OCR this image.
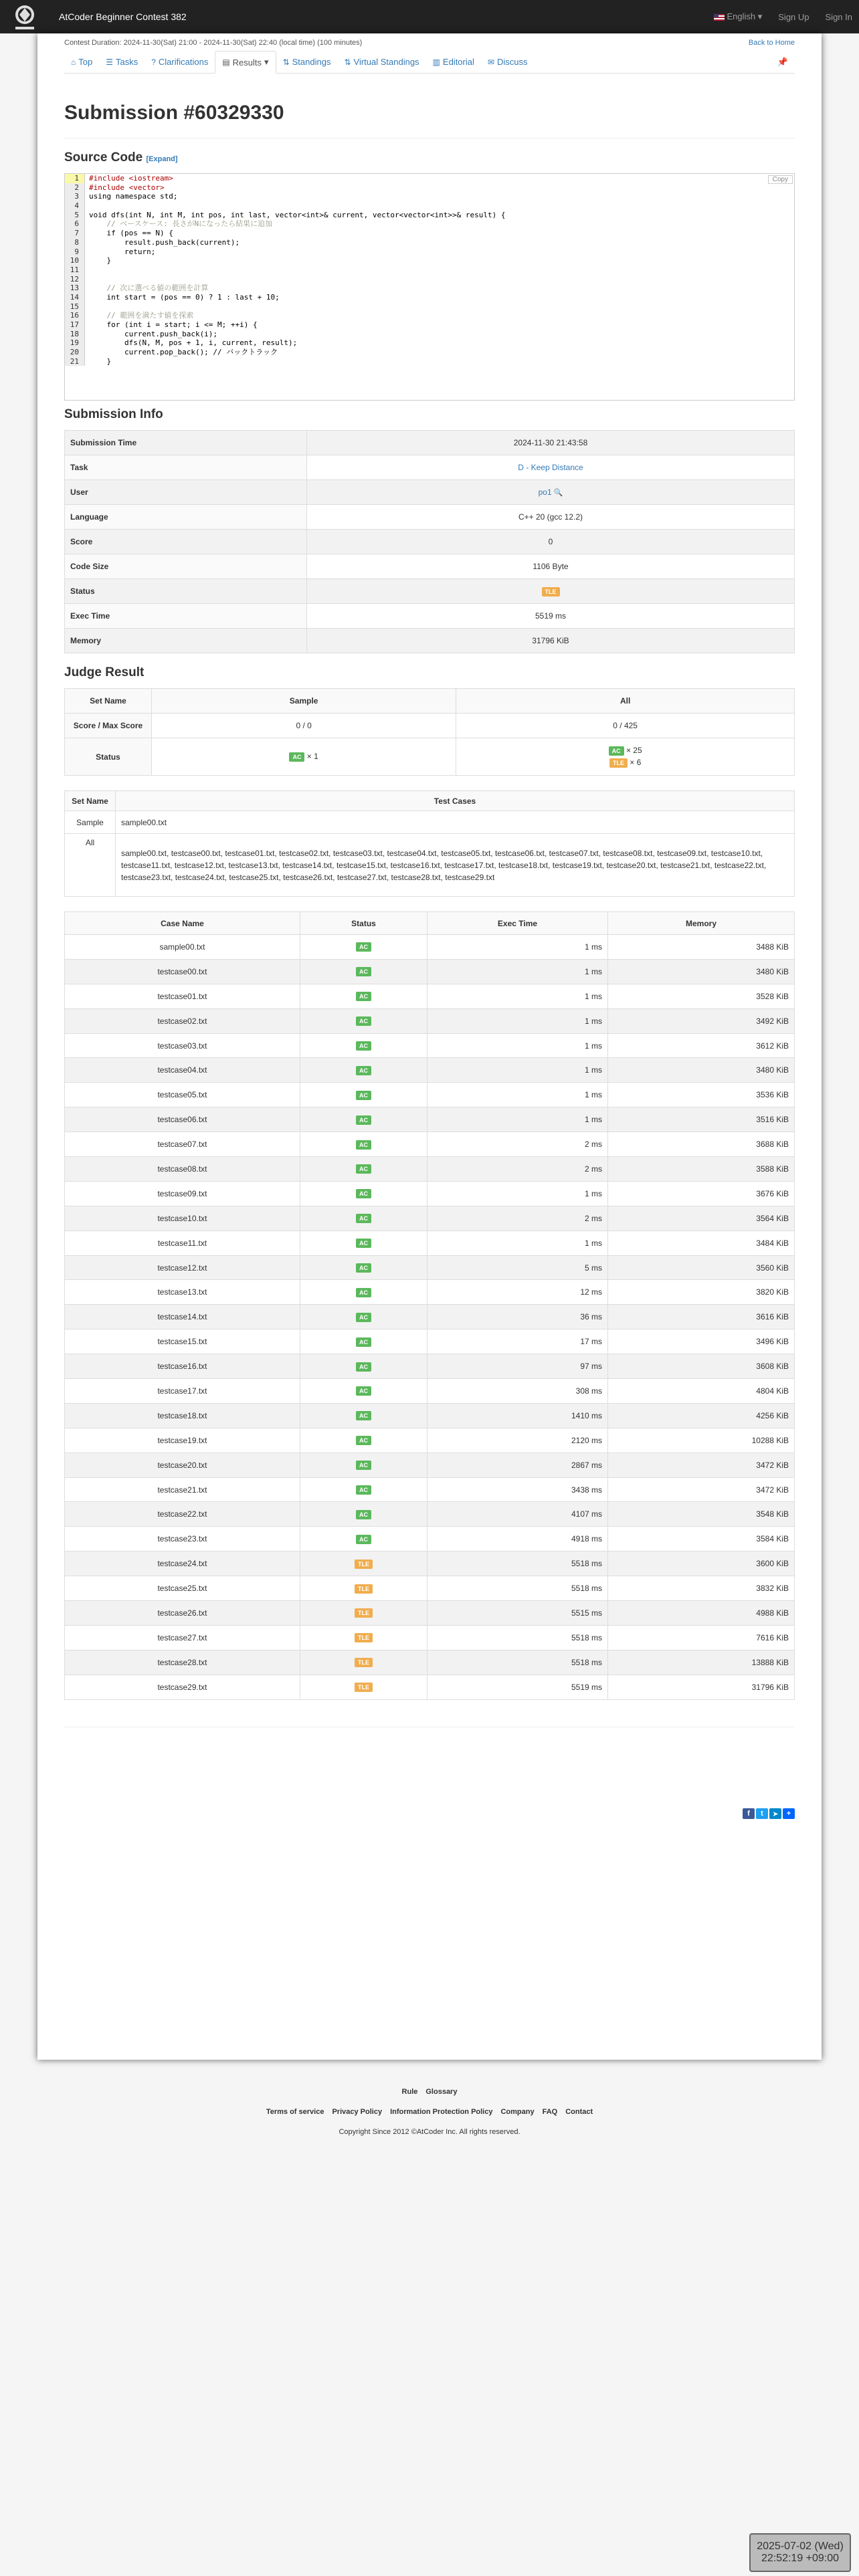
AtCoder Beginner Contest 382	English ▾ Sign Up Sign In
Contest Duration: 2024-11-30(Sat) 21:00 - 2024-11-30(Sat) 22:40 (local time) (100 minutes)	Back to Home
⌂ Top ☰ Tasks ? Clarifications ▤ Results ▾ ⇅ Standings ⇅ Virtual Standings ▥ Editorial ✉ Discuss	📌
Submission #60329330
Source Code [Expand]
Copy
1	#include <iostream>
2	#include <vector>
3	using namespace std;
4
5	void dfs(int N, int M, int pos, int last, vector<int>& current, vector<vector<int>>& result) {
6	// ベースケース: 長さがNになったら結果に追加
7	if (pos == N) {
8	result.push_back(current);
9	return;
10	}
11
12
13	// 次に選べる値の範囲を計算
14	int start = (pos == 0) ? 1 : last + 10;
15
16	// 範囲を満たす値を探索
17	for (int i = start; i <= M; ++i) {
18	current.push_back(i);
19	dfs(N, M, pos + 1, i, current, result);
20	current.pop_back(); // バックトラック
21	}
Submission Info
Submission Time	2024-11-30 21:43:58
Task	D - Keep Distance
User	po1 🔍
Language	C++ 20 (gcc 12.2)
Score	0
Code Size	1106 Byte
Status	TLE
Exec Time	5519 ms
Memory	31796 KiB
Judge Result
Set Name	Sample	All
Score / Max Score	0 / 0	0 / 425
Status	AC × 1	AC × 25
TLE × 6
Set Name	Test Cases
Sample	sample00.txt
All	sample00.txt, testcase00.txt, testcase01.txt, testcase02.txt, testcase03.txt, testcase04.txt, testcase05.txt, testcase06.txt, testcase07.txt, testcase08.txt, testcase09.txt, testcase10.txt, testcase11.txt, testcase12.txt, testcase13.txt, testcase14.txt, testcase15.txt, testcase16.txt, testcase17.txt, testcase18.txt, testcase19.txt, testcase20.txt, testcase21.txt, testcase22.txt, testcase23.txt, testcase24.txt, testcase25.txt, testcase26.txt, testcase27.txt, testcase28.txt, testcase29.txt
Case Name	Status	Exec Time	Memory
sample00.txt	AC	1 ms	3488 KiB
testcase00.txt	AC	1 ms	3480 KiB
testcase01.txt	AC	1 ms	3528 KiB
testcase02.txt	AC	1 ms	3492 KiB
testcase03.txt	AC	1 ms	3612 KiB
testcase04.txt	AC	1 ms	3480 KiB
testcase05.txt	AC	1 ms	3536 KiB
testcase06.txt	AC	1 ms	3516 KiB
testcase07.txt	AC	2 ms	3688 KiB
testcase08.txt	AC	2 ms	3588 KiB
testcase09.txt	AC	1 ms	3676 KiB
testcase10.txt	AC	2 ms	3564 KiB
testcase11.txt	AC	1 ms	3484 KiB
testcase12.txt	AC	5 ms	3560 KiB
testcase13.txt	AC	12 ms	3820 KiB
testcase14.txt	AC	36 ms	3616 KiB
testcase15.txt	AC	17 ms	3496 KiB
testcase16.txt	AC	97 ms	3608 KiB
testcase17.txt	AC	308 ms	4804 KiB
testcase18.txt	AC	1410 ms	4256 KiB
testcase19.txt	AC	2120 ms	10288 KiB
testcase20.txt	AC	2867 ms	3472 KiB
testcase21.txt	AC	3438 ms	3472 KiB
testcase22.txt	AC	4107 ms	3548 KiB
testcase23.txt	AC	4918 ms	3584 KiB
testcase24.txt	TLE	5518 ms	3600 KiB
testcase25.txt	TLE	5518 ms	3832 KiB
testcase26.txt	TLE	5515 ms	4988 KiB
testcase27.txt	TLE	5518 ms	7616 KiB
testcase28.txt	TLE	5518 ms	13888 KiB
testcase29.txt	TLE	5519 ms	31796 KiB
f	t	➤	+
Rule Glossary
Terms of service Privacy Policy Information Protection Policy Company FAQ Contact
Copyright Since 2012 ©AtCoder Inc. All rights reserved.
2025-07-02 (Wed)
22:52:19 +09:00
